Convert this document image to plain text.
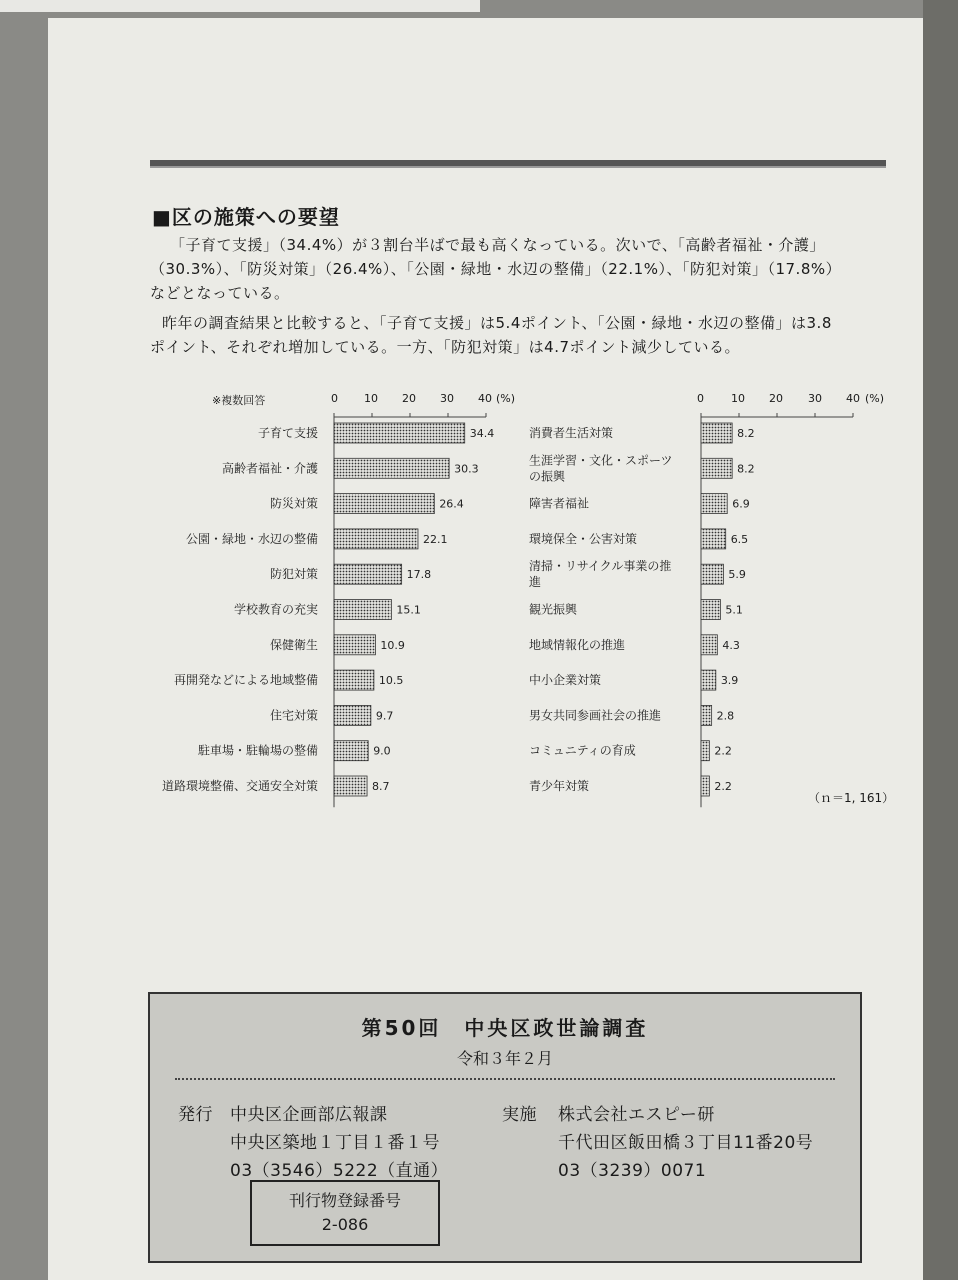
■区の施策への要望
「子育て支援」（34.4%）が３割台半ばで最も高くなっている。次いで、「高齢者福祉・介護」
（30.3%）、「防災対策」（26.4%）、「公園・緑地・水辺の整備」（22.1%）、「防犯対策」（17.8%）
などとなっている。
昨年の調査結果と比較すると、「子育て支援」は5.4ポイント、「公園・緑地・水辺の整備」は3.8
ポイント、それぞれ増加している。一方、「防犯対策」は4.7ポイント減少している。
※複数回答	0 10 20 30 40 (%)	0 10 20 30 40 (%)
34.4
子育て支援
30.3
高齢者福祉・介護
26.4
防災対策
22.1
公園・緑地・水辺の整備
17.8
防犯対策
15.1
学校教育の充実
10.9
保健衛生
10.5
再開発などによる地域整備
9.7
住宅対策
9.0
駐車場・駐輪場の整備
8.7
道路環境整備、交通安全対策
8.2
消費者生活対策
8.2
生涯学習・文化・スポーツ
の振興
6.9
障害者福祉
6.5
環境保全・公害対策
5.9
清掃・リサイクル事業の推
進
5.1
観光振興
4.3
地域情報化の推進
3.9
中小企業対策
2.8
男女共同参画社会の推進
2.2
コミュニティの育成
2.2
青少年対策
（ｎ＝1, 161）
第50回　中央区政世論調査
令和３年２月
発行 中央区企画部広報課
中央区築地１丁目１番１号
03（3546）5222（直通）
実施 株式会社エスピー研
千代田区飯田橋３丁目11番20号
03（3239）0071
刊行物登録番号
2-086
